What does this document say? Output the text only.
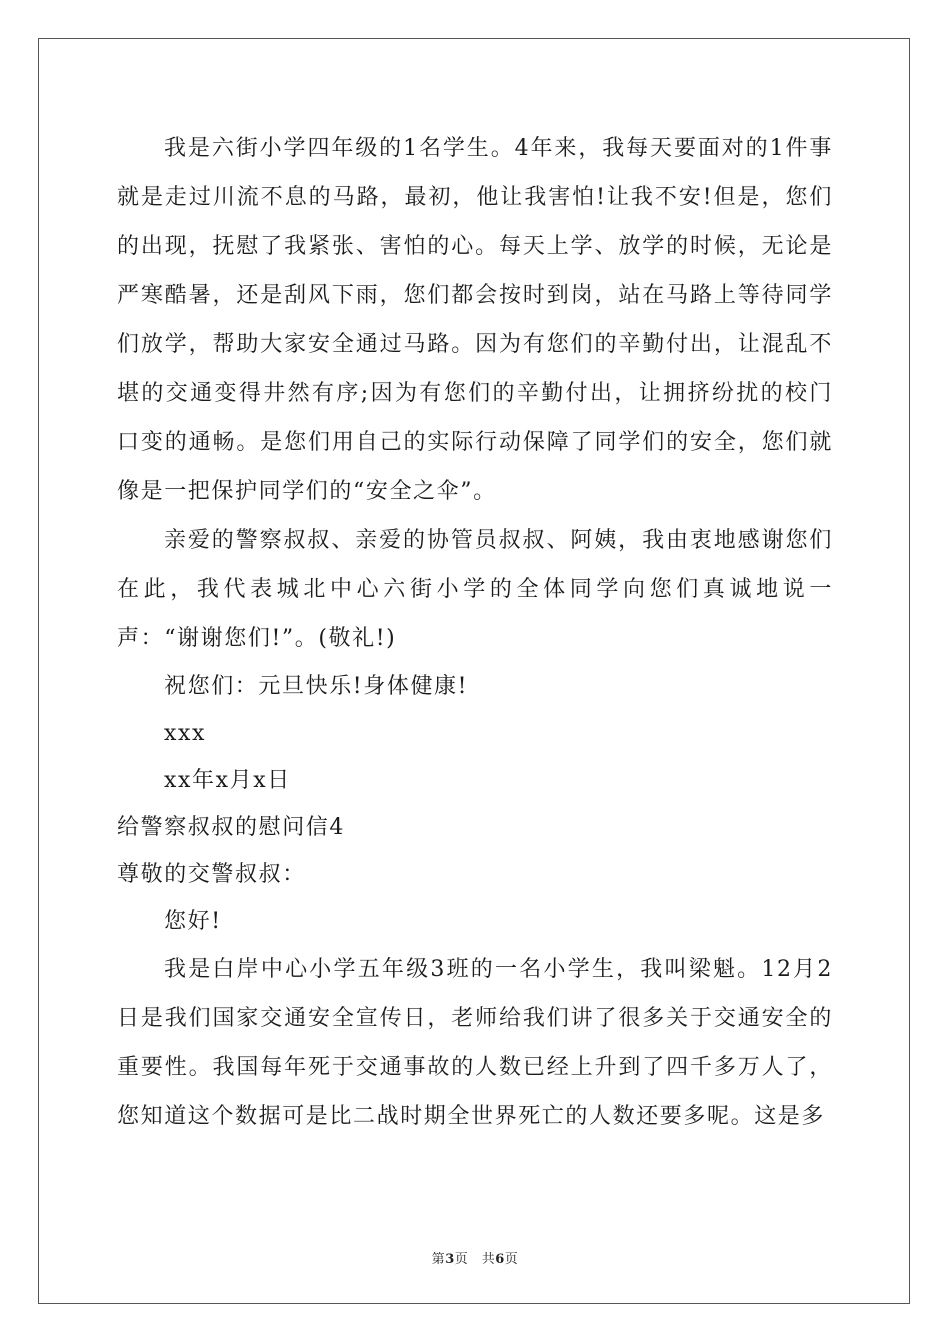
我是六街小学四年级的1名学生。4年来，我每天要面对的1件事就是走过川流不息的马路，最初，他让我害怕!让我不安!但是，您们的出现，抚慰了我紧张、害怕的心。每天上学、放学的时候，无论是严寒酷暑，还是刮风下雨，您们都会按时到岗，站在马路上等待同学们放学，帮助大家安全通过马路。因为有您们的辛勤付出，让混乱不堪的交通变得井然有序;因为有您们的辛勤付出，让拥挤纷扰的校门口变的通畅。是您们用自己的实际行动保障了同学们的安全，您们就像是一把保护同学们的“安全之伞”。

亲爱的警察叔叔、亲爱的协管员叔叔、阿姨，我由衷地感谢您们在此，我代表城北中心六街小学的全体同学向您们真诚地说一声：“谢谢您们!”。(敬礼!)

祝您们：元旦快乐!身体健康!

xxx

xx年x月x日

给警察叔叔的慰问信4

尊敬的交警叔叔：

您好!

我是白岸中心小学五年级3班的一名小学生，我叫梁魁。12月2日是我们国家交通安全宣传日，老师给我们讲了很多关于交通安全的重要性。我国每年死于交通事故的人数已经上升到了四千多万人了，您知道这个数据可是比二战时期全世界死亡的人数还要多呢。这是多

第3页　共6页
